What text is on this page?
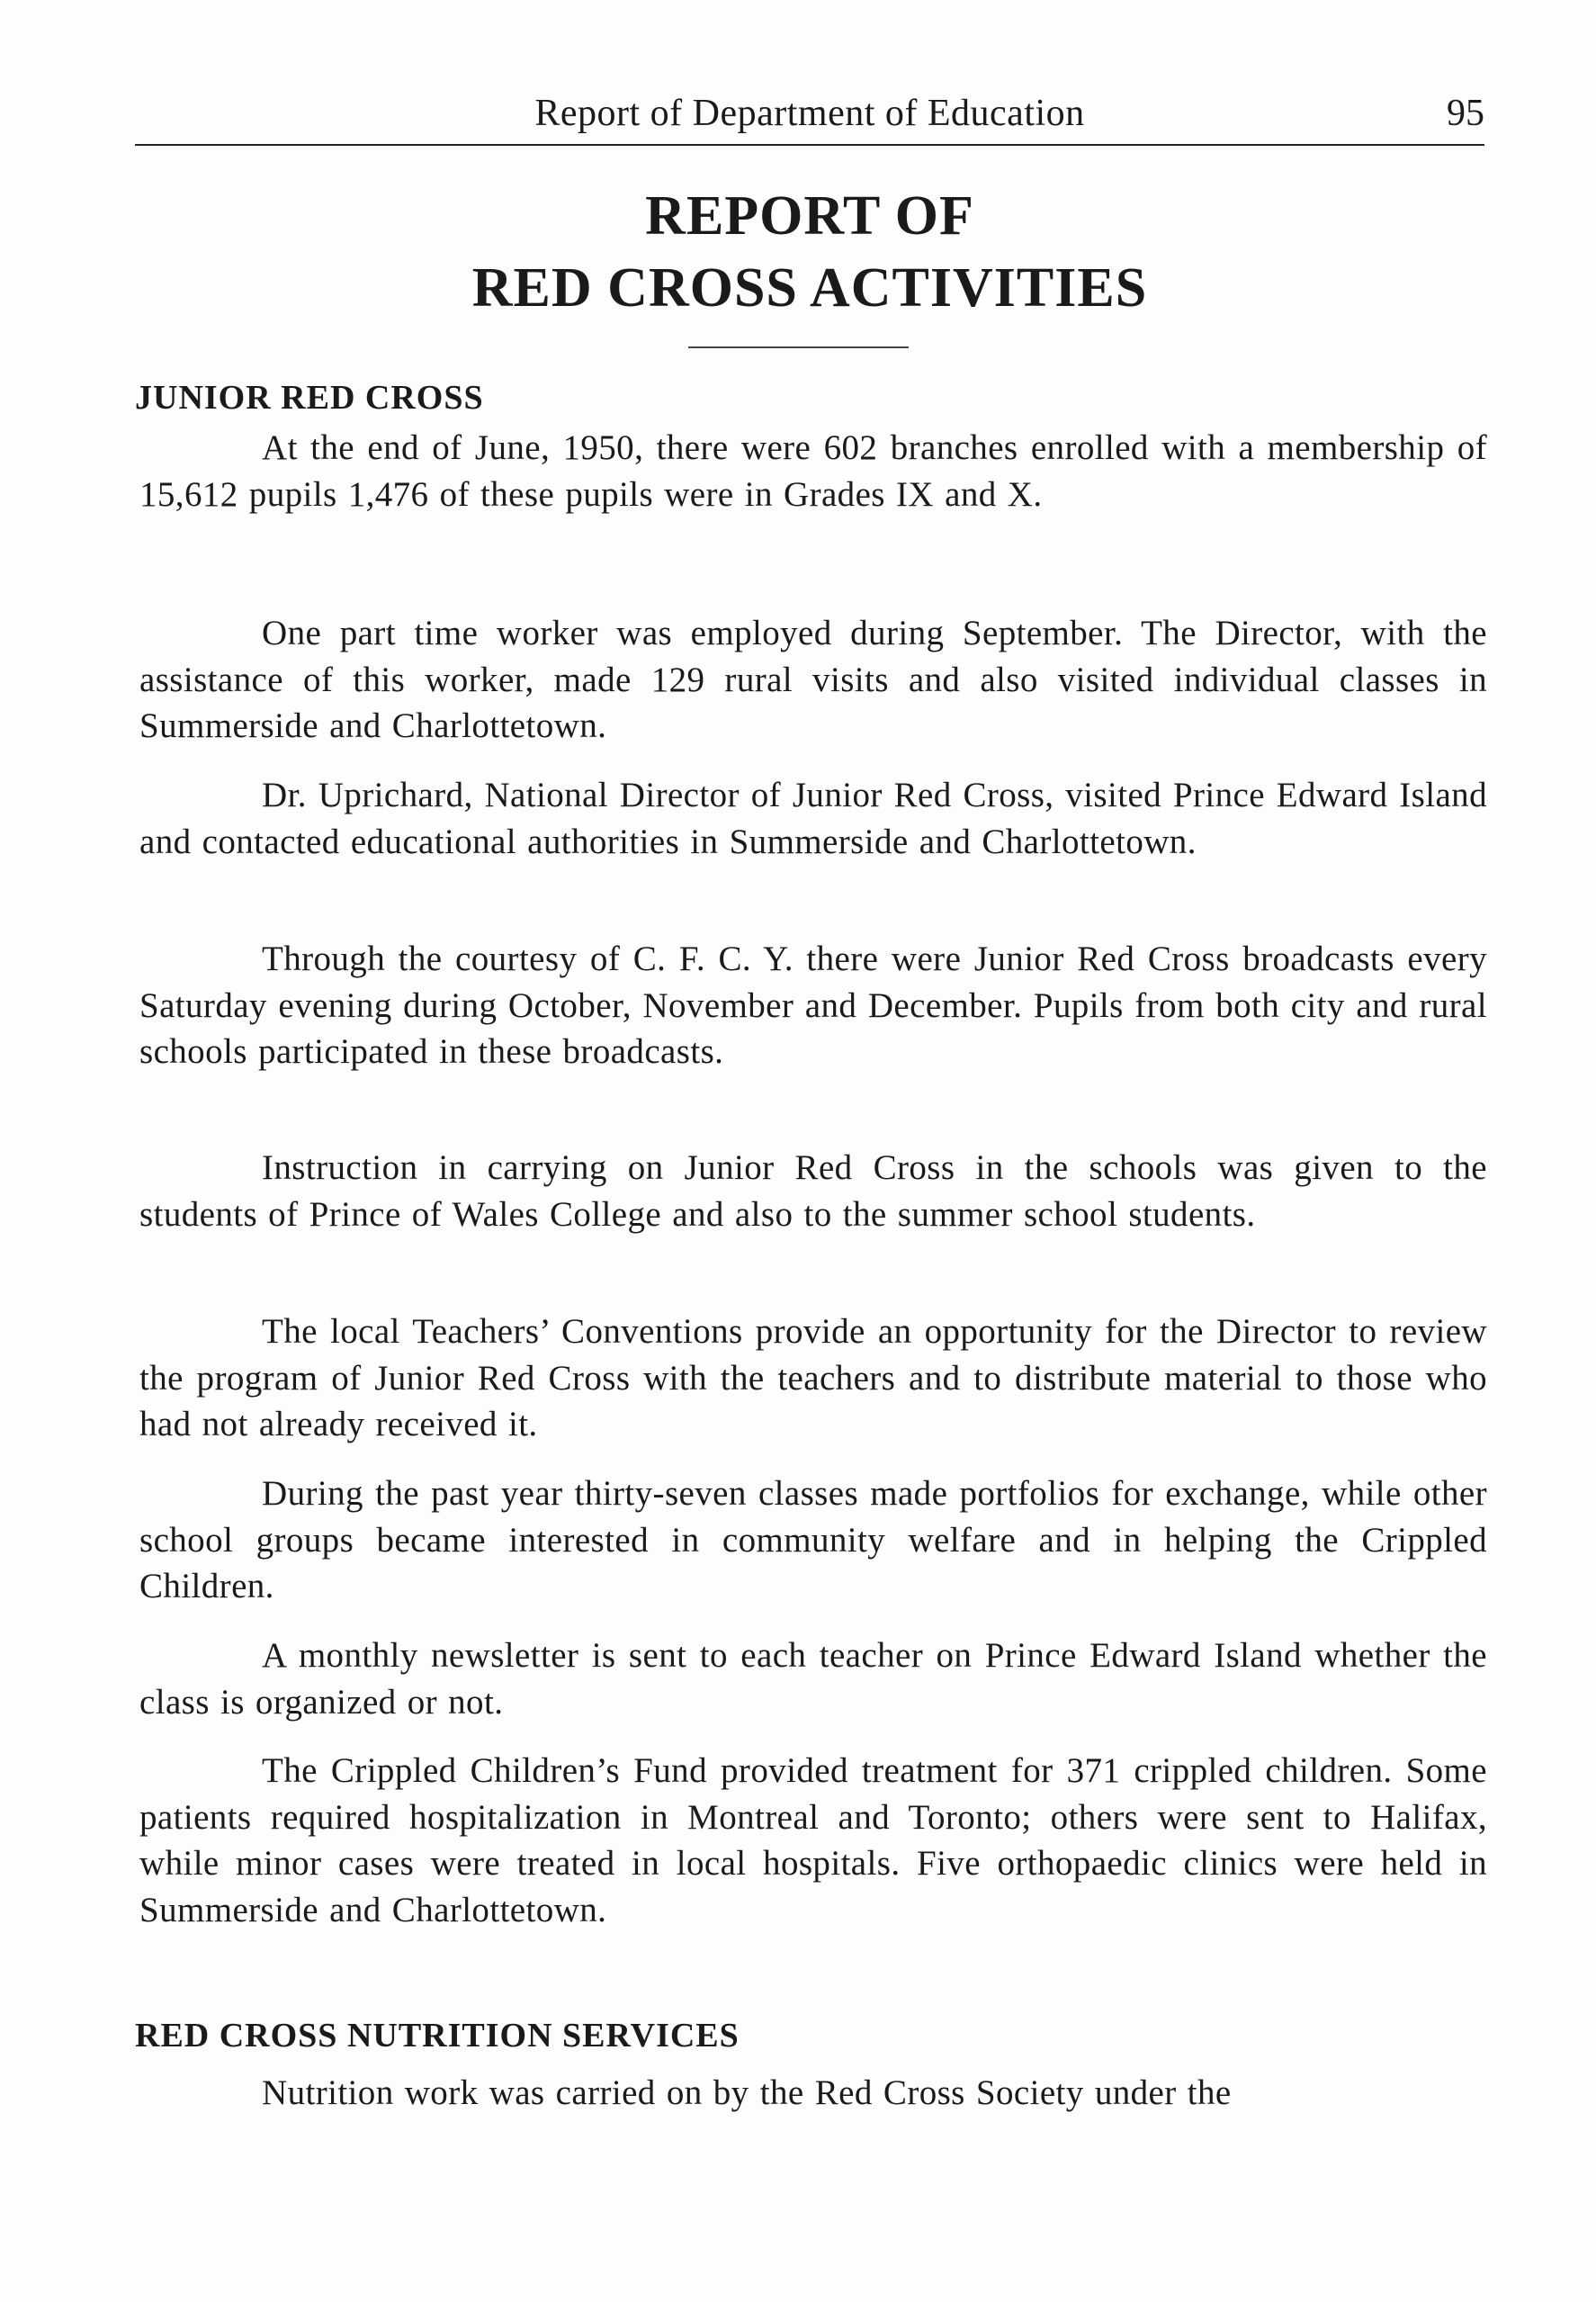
Report of Department of Education	95
REPORT OF
RED CROSS ACTIVITIES
JUNIOR RED CROSS

At the end of June, 1950, there were 602 branches enrolled with a membership of 15,612 pupils 1,476 of these pupils were in Grades IX and X.

One part time worker was employed during September. The Director, with the assistance of this worker, made 129 rural visits and also visited individual classes in Summerside and Charlottetown.

Dr. Uprichard, National Director of Junior Red Cross, visited Prince Edward Island and contacted educational authorities in Summerside and Charlottetown.

Through the courtesy of C. F. C. Y. there were Junior Red Cross broadcasts every Saturday evening during October, November and December. Pupils from both city and rural schools participated in these broadcasts.

Instruction in carrying on Junior Red Cross in the schools was given to the students of Prince of Wales College and also to the summer school students.

The local Teachers’ Conventions provide an opportunity for the Director to review the program of Junior Red Cross with the teachers and to distribute material to those who had not already received it.

During the past year thirty-seven classes made portfolios for exchange, while other school groups became interested in community welfare and in helping the Crippled Children.

A monthly newsletter is sent to each teacher on Prince Edward Island whether the class is organized or not.

The Crippled Children’s Fund provided treatment for 371 crippled children. Some patients required hospitalization in Montreal and Toronto; others were sent to Halifax, while minor cases were treated in local hospitals. Five orthopaedic clinics were held in Summerside and Charlottetown.

RED CROSS NUTRITION SERVICES

Nutrition work was carried on by the Red Cross Society under the
